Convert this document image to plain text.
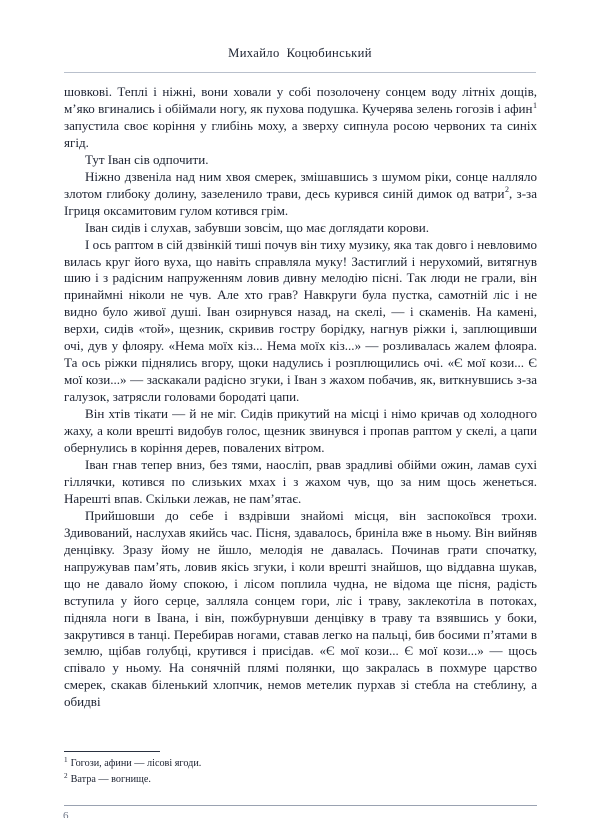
Михайло  Коцюбинський

шовкові. Теплі і ніжні, вони ховали у собі позолочену сонцем воду літніх дощів, м’яко вгинались і обіймали ногу, як пухова подушка. Кучерява зелень гогозів і афин$^1$ запустила своє коріння у глибінь моху, а зверху сипнула росою червоних та синіх ягід.

Тут Іван сів одпочити.

Ніжно дзвеніла над ним хвоя смерек, змішавшись з шумом ріки, сонце налляло злотом глибоку долину, зазеленило трави, десь курився синій димок од ватри$^2$, з-за Ігриця оксамитовим гулом котився грім.

Іван сидів і слухав, забувши зовсім, що має доглядати корови.

І ось раптом в сій дзвінкій тиші почув він тиху музику, яка так довго і невловимо вилась круг його вуха, що навіть справляла муку! Застиглий і нерухомий, витягнув шию і з радісним напруженням ловив дивну мелодію пісні. Так люди не грали, він принаймні ніколи не чув. Але хто грав? Навкруги була пустка, самотній ліс і не видно було живої душі. Іван озирнувся назад, на скелі, — і скаменів. На камені, верхи, сидів «той», щезник, скривив гостру борідку, нагнув ріжки і, заплющивши очі, дув у флояру. «Нема моїх кіз... Нема моїх кіз...» — розливалась жалем флояра. Та ось ріжки піднялись вгору, щоки надулись і розплющились очі. «Є мої кози... Є мої кози...» — заскакали радісно згуки, і Іван з жахом побачив, як, виткнувшись з-за галузок, затрясли головами бородаті цапи.

Він хтів тікати — й не міг. Сидів прикутий на місці і німо кричав од холодного жаху, а коли врешті видобув голос, щезник звинувся і пропав раптом у скелі, а цапи обернулись в коріння дерев, повалених вітром.

Іван гнав тепер вниз, без тями, наосліп, рвав зрадливі обійми ожин, ламав сухі гіллячки, котився по слизьких мхах і з жахом чув, що за ним щось женеться. Нарешті впав. Скільки лежав, не пам’ятає.

Прийшовши до себе і вздрівши знайомі місця, він заспокоївся трохи. Здивований, наслухав якийсь час. Пісня, здавалось, бриніла вже в ньому. Він вийняв денцівку. Зразу йому не йшло, мелодія не давалась. Починав грати спочатку, напружував пам’ять, ловив якісь згуки, і коли врешті знайшов, що віддавна шукав, що не давало йому спокою, і лісом поплила чудна, не відома ще пісня, радість вступила у його серце, залляла сонцем гори, ліс і траву, заклекотіла в потоках, підняла ноги в Івана, і він, пожбурнувши денцівку в траву та взявшись у боки, закрутився в танці. Перебирав ногами, ставав легко на пальці, бив босими п’ятами в землю, щібав голубці, крутився і присідав. «Є мої кози... Є мої кози...» — щось співало у ньому. На сонячній плямі полянки, що закралась в похмуре царство смерек, скакав біленький хлопчик, немов метелик пурхав зі стебла на стеблину, а обидві

$^1$ Гогози, афини — лісові ягоди.

$^2$ Ватра — вогнище.

6
